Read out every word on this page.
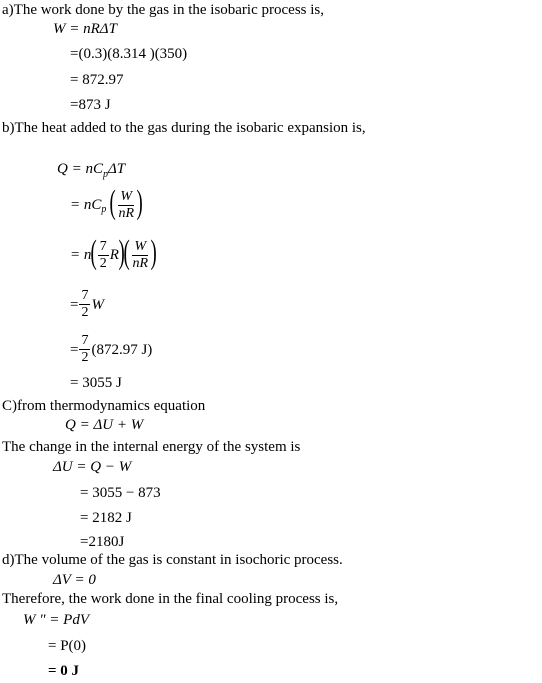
a)The work done by the gas in the isobaric process is,
W = nRΔT
=(0.3)(8.314 )(350)
= 872.97
=873 J
b)The heat added to the gas during the isobaric expansion is,
$Q = nC_p\Delta T$
= $nC_p$ ( $\frac{W}{nR}$ )
= $n( \frac{7}{2} R)( \frac{W}{nR}$ )
= $\frac{7}{2}$ W
= $\frac{7}{2} (872.97$ J)
= 3055 J
C)from thermodynamics equation
Q = ΔU + W
The change in the internal energy of the system is
ΔU = Q − W
= 3055 − 873
= 2182 J
=2180J
d)The volume of the gas is constant in isochoric process.
ΔV = 0
Therefore, the work done in the final cooling process is,
W " = PdV
= P(0)
= 0 J
